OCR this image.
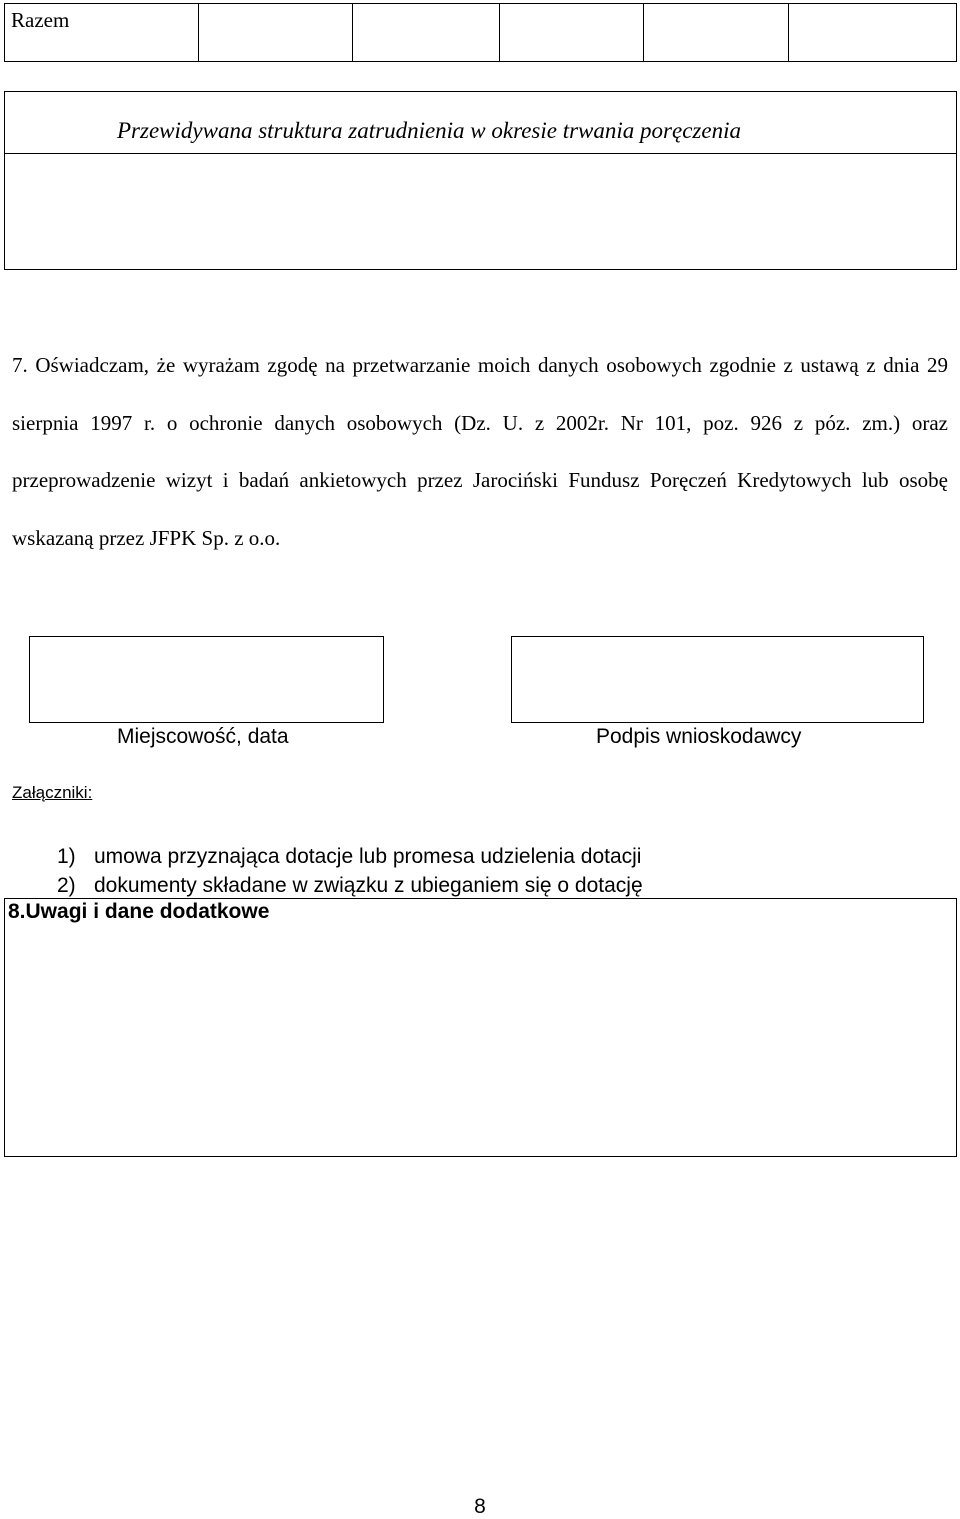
Razem
Przewidywana struktura zatrudnienia w okresie trwania poręczenia
7. Oświadczam, że wyrażam zgodę na przetwarzanie moich danych osobowych zgodnie z ustawą z dnia 29 sierpnia 1997 r. o ochronie danych osobowych (Dz. U. z 2002r. Nr 101, poz. 926 z póz. zm.) oraz przeprowadzenie wizyt i badań ankietowych przez Jarociński Fundusz Poręczeń Kredytowych lub osobę wskazaną przez JFPK Sp. z o.o.
Miejscowość, data	Podpis wnioskodawcy
Załączniki:
1) umowa przyznająca dotacje lub promesa udzielenia dotacji
2) dokumenty składane w związku z ubieganiem się o dotację
8.Uwagi i dane dodatkowe
8
